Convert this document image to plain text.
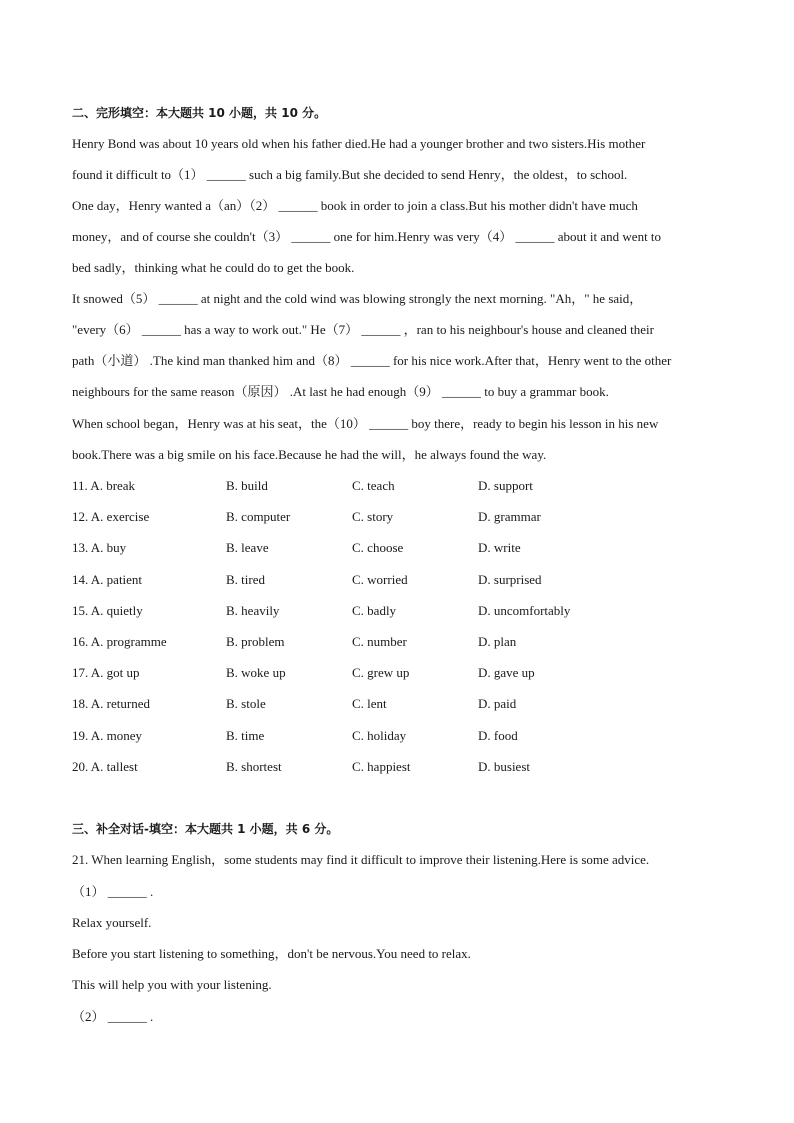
二、完形填空：本大题共 10 小题，共 10 分。
Henry Bond was about 10 years old when his father died.He had a younger brother and two sisters.His mother
found it difficult to（1） ______ such a big family.But she decided to send Henry，the oldest，to school.
One day，Henry wanted a（an）（2） ______ book in order to join a class.But his mother didn't have much
money，and of course she couldn't（3） ______ one for him.Henry was very（4） ______ about it and went to
bed sadly，thinking what he could do to get the book.
It snowed（5） ______ at night and the cold wind was blowing strongly the next morning. "Ah，" he said，
"every（6） ______ has a way to work out." He（7） ______ ，ran to his neighbour's house and cleaned their
path（小道） .The kind man thanked him and（8） ______ for his nice work.After that，Henry went to the other
neighbours for the same reason（原因） .At last he had enough（9） ______ to buy a grammar book.
When school began，Henry was at his seat，the（10） ______ boy there，ready to begin his lesson in his new
book.There was a big smile on his face.Because he had the will，he always found the way.
11. A. break	B. build	C. teach	D. support
12. A. exercise	B. computer	C. story	D. grammar
13. A. buy	B. leave	C. choose	D. write
14. A. patient	B. tired	C. worried	D. surprised
15. A. quietly	B. heavily	C. badly	D. uncomfortably
16. A. programme	B. problem	C. number	D. plan
17. A. got up	B. woke up	C. grew up	D. gave up
18. A. returned	B. stole	C. lent	D. paid
19. A. money	B. time	C. holiday	D. food
20. A. tallest	B. shortest	C. happiest	D. busiest
三、补全对话-填空：本大题共 1 小题，共 6 分。
21. When learning English，some students may find it difficult to improve their listening.Here is some advice.
（1） ______ .
Relax yourself.
Before you start listening to something，don't be nervous.You need to relax.
This will help you with your listening.
（2） ______ .
